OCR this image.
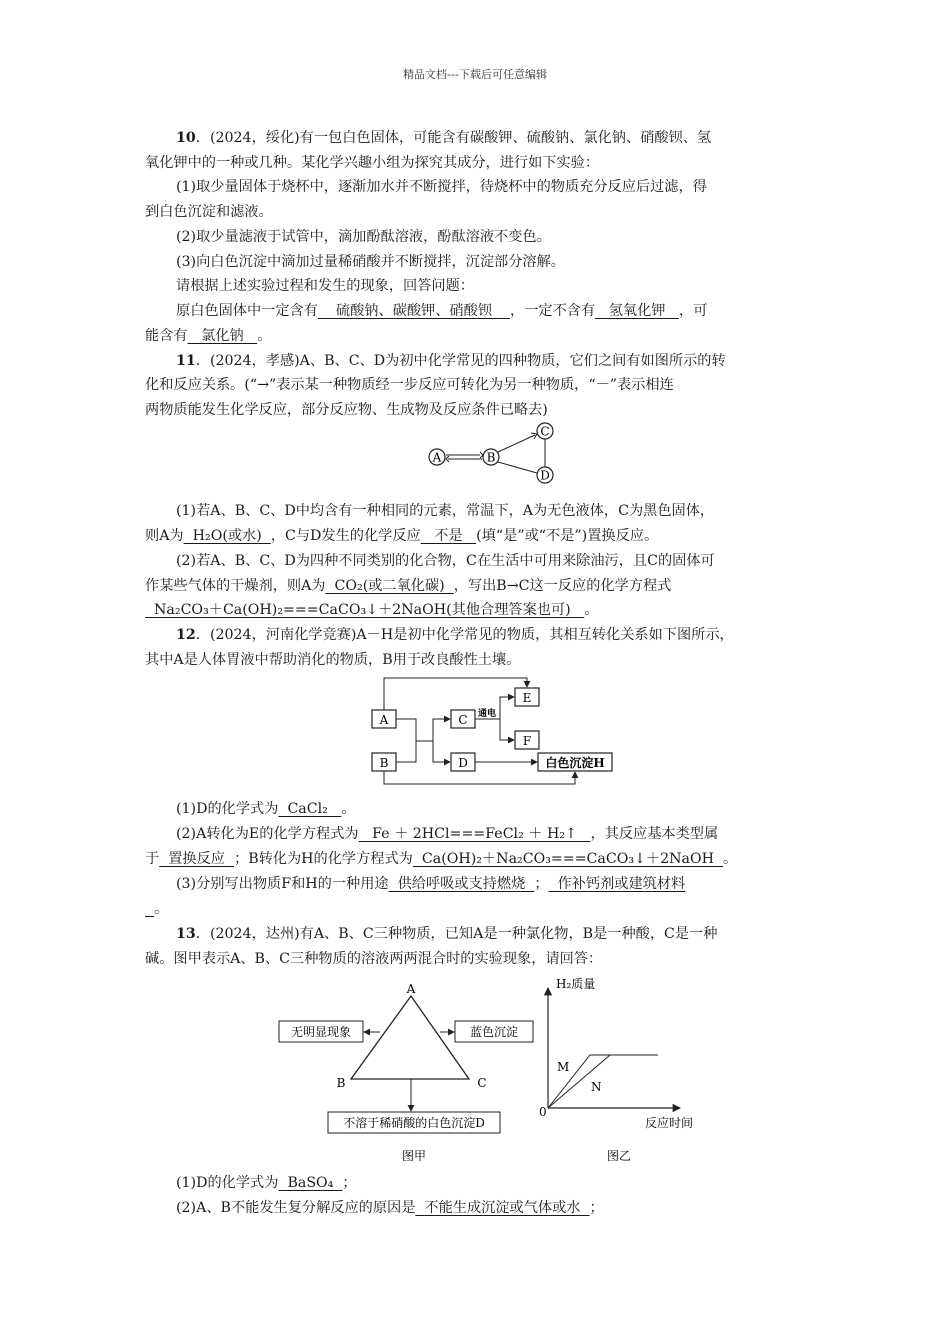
精品文档---下载后可任意编辑

10．(2024，绥化)有一包白色固体，可能含有碳酸钾、硫酸钠、氯化钠、硝酸钡、氢

氧化钾中的一种或几种。某化学兴趣小组为探究其成分，进行如下实验：

(1)取少量固体于烧杯中，逐渐加水并不断搅拌，待烧杯中的物质充分反应后过滤，得

到白色沉淀和滤液。

(2)取少量滤液于试管中，滴加酚酞溶液，酚酞溶液不变色。

(3)向白色沉淀中滴加过量稀硝酸并不断搅拌，沉淀部分溶解。

请根据上述实验过程和发生的现象，回答问题：

原白色固体中一定含有    硫酸钠、碳酸钾、硝酸钡    ，一定不含有   氢氧化钾   ，可

能含有   氯化钠   。

11．(2024，孝感)A、B、C、D为初中化学常见的四种物质，它们之间有如图所示的转

化和反应关系。(“→”表示某一种物质经一步反应可转化为另一种物质，“－”表示相连

两物质能发生化学反应，部分反应物、生成物及反应条件已略去)

A	B
C
D

(1)若A、B、C、D中均含有一种相同的元素，常温下，A为无色液体，C为黑色固体，

则A为  H₂O(或水)  ，C与D发生的化学反应   不是   (填“是”或“不是”)置换反应。

(2)若A、B、C、D为四种不同类别的化合物，C在生活中可用来除油污，且C的固体可

作某些气体的干燥剂，则A为  CO₂(或二氧化碳)  ，写出B→C这一反应的化学方程式

Na₂CO₃＋Ca(OH)₂===CaCO₃↓＋2NaOH(其他合理答案也可)   。

12．(2024，河南化学竞赛)A－H是初中化学常见的物质，其相互转化关系如下图所示，

其中A是人体胃液中帮助消化的物质，B用于改良酸性土壤。

A
B
C
D
E
F
白色沉淀H
通电

(1)D的化学式为  CaCl₂   。

(2)A转化为E的化学方程式为   Fe ＋ 2HCl===FeCl₂ ＋ H₂↑   ，其反应基本类型属

于  置换反应  ；B转化为H的化学方程式为  Ca(OH)₂＋Na₂CO₃===CaCO₃↓＋2NaOH  。

(3)分别写出物质F和H的一种用途  供给呼吸或支持燃烧  ；  作补钙剂或建筑材料

。

13．(2024，达州)有A、B、C三种物质，已知A是一种氯化物，B是一种酸，C是一种

碱。图甲表示A、B、C三种物质的溶液两两混合时的实验现象，请回答：

A
B	C
无明显现象	蓝色沉淀
不溶于稀硝酸的白色沉淀D
图甲
H₂质量
反应时间
0
M
N
图乙

(1)D的化学式为  BaSO₄  ；

(2)A、B不能发生复分解反应的原因是  不能生成沉淀或气体或水  ；
